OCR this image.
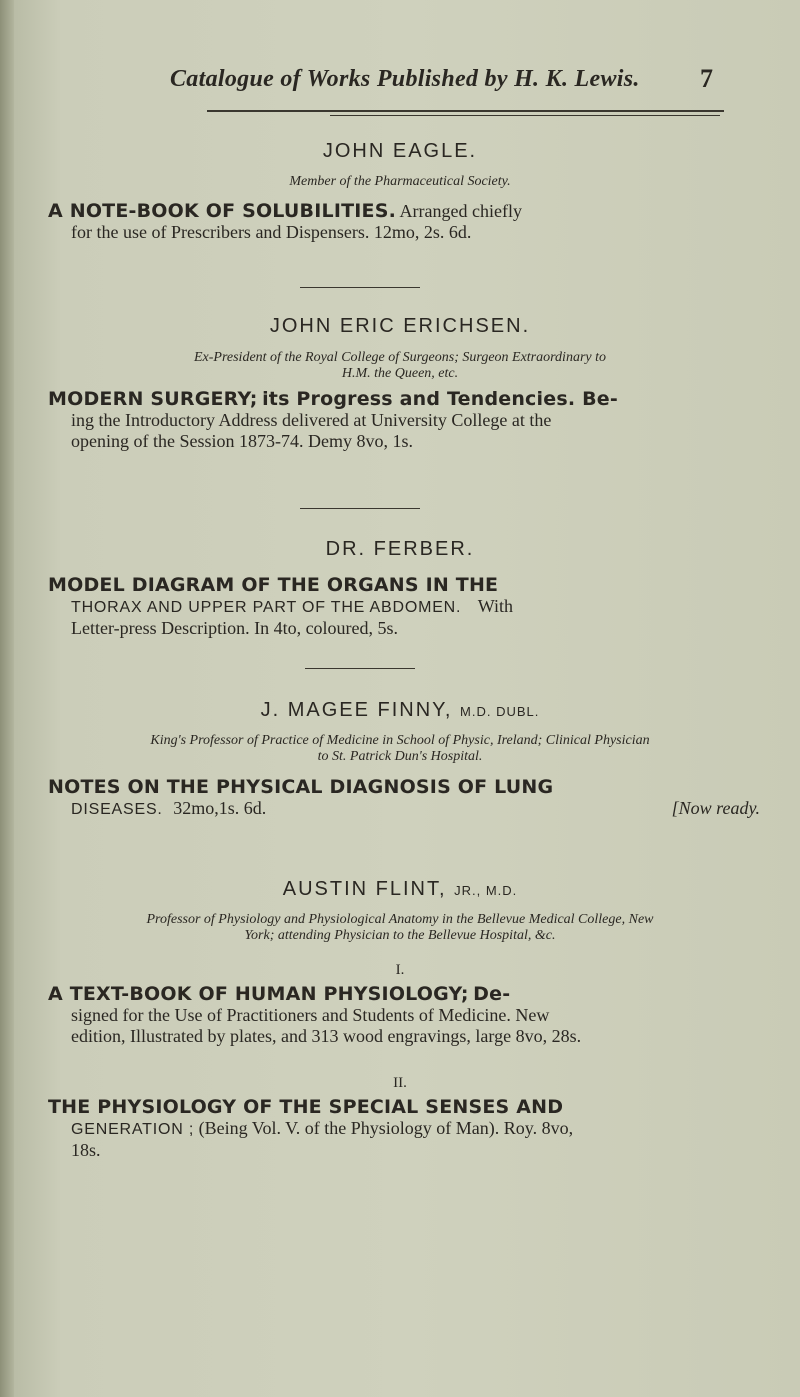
Catalogue of Works Published by H. K. Lewis. 7
JOHN EAGLE.
Member of the Pharmaceutical Society.
A NOTE-BOOK OF SOLUBILITIES. Arranged chiefly
for the use of Prescribers and Dispensers. 12mo, 2s. 6d.
JOHN ERIC ERICHSEN.
Ex-President of the Royal College of Surgeons; Surgeon Extraordinary to
H.M. the Queen, etc.
MODERN SURGERY; its Progress and Tendencies. Be-
ing the Introductory Address delivered at University College at the
opening of the Session 1873-74. Demy 8vo, 1s.
DR. FERBER.
MODEL DIAGRAM OF THE ORGANS IN THE
THORAX AND UPPER PART OF THE ABDOMEN. With
Letter-press Description. In 4to, coloured, 5s.
J. MAGEE FINNY, M.D. DUBL.
King's Professor of Practice of Medicine in School of Physic, Ireland; Clinical Physician
to St. Patrick Dun's Hospital.
NOTES ON THE PHYSICAL DIAGNOSIS OF LUNG
DISEASES. 32mo,1s. 6d.	[Now ready.
AUSTIN FLINT, JR., M.D.
Professor of Physiology and Physiological Anatomy in the Bellevue Medical College, New
York; attending Physician to the Bellevue Hospital, &c.
I.
A TEXT-BOOK OF HUMAN PHYSIOLOGY; De-
signed for the Use of Practitioners and Students of Medicine. New
edition, Illustrated by plates, and 313 wood engravings, large 8vo, 28s.
II.
THE PHYSIOLOGY OF THE SPECIAL SENSES AND
GENERATION ; (Being Vol. V. of the Physiology of Man). Roy. 8vo,
18s.
